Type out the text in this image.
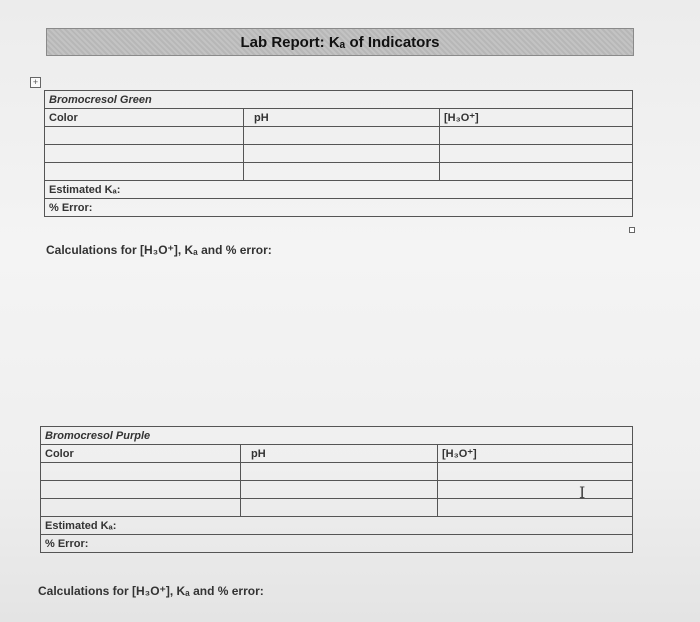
Lab Report: Kₐ of Indicators
+
Bromocresol Green		
Color	pH	[H₃O⁺]

Estimated Kₐ:		
% Error:		
Calculations for [H₃O⁺], Kₐ and % error:
Bromocresol Purple		
Color	pH	[H₃O⁺]

Estimated Kₐ:		
% Error:		
I
Calculations for [H₃O⁺], Kₐ and % error:
